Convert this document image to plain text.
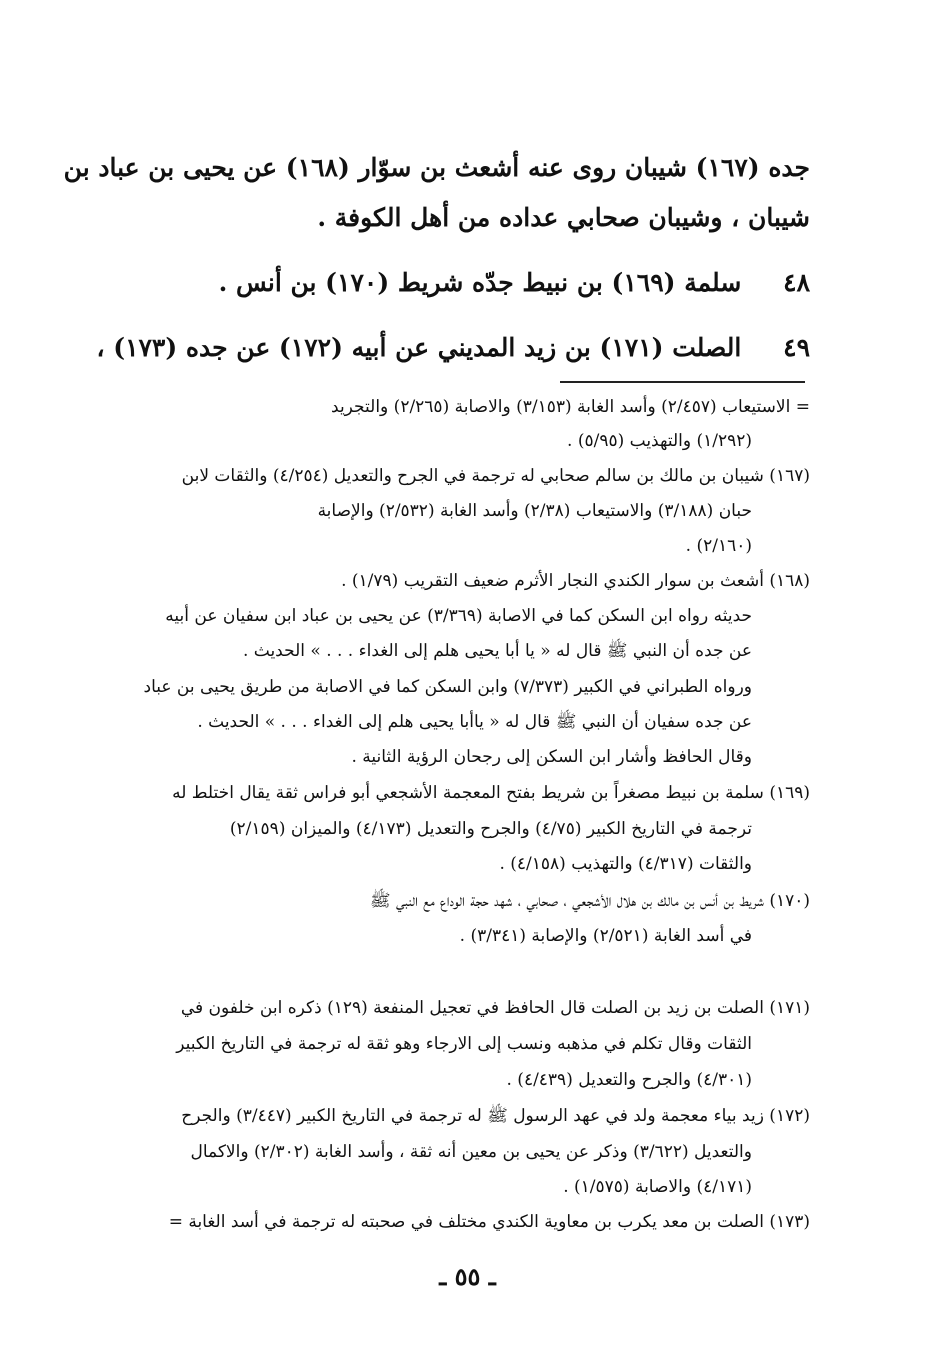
جده (١٦٧) شيبان روى عنه أشعث بن سوّار (١٦٨) عن يحيى بن عباد بن
شيبان ، وشيبان صحابي عداده من أهل الكوفة .
٤٨ سلمة (١٦٩) بن نبيط جدّه شريط (١٧٠) بن أنس .
٤٩ الصلت (١٧١) بن زيد المديني عن أبيه (١٧٢) عن جده (١٧٣) ،
= الاستيعاب (٢/٤٥٧) وأسد الغابة (٣/١٥٣) والاصابة (٢/٢٦٥) والتجريد
(١/٢٩٢) والتهذيب (٥/٩٥) .
(١٦٧) شيبان بن مالك بن سالم صحابي له ترجمة في الجرح والتعديل (٤/٢٥٤) والثقات لابن
حبان (٣/١٨٨) والاستيعاب (٢/٣٨) وأسد الغابة (٢/٥٣٢) والإصابة
(٢/١٦٠) .
(١٦٨) أشعث بن سوار الكندي النجار الأثرم ضعيف التقريب (١/٧٩) .
حديثه رواه ابن السكن كما في الاصابة (٣/٣٦٩) عن يحيى بن عباد ابن سفيان عن أبيه
عن جده أن النبي ﷺ قال له « يا أبا يحيى هلم إلى الغداء . . . » الحديث .
ورواه الطبراني في الكبير (٧/٣٧٣) وابن السكن كما في الاصابة من طريق يحيى بن عباد
عن جده سفيان أن النبي ﷺ قال له « ياأبا يحيى هلم إلى الغداء . . . » الحديث .
وقال الحافظ وأشار ابن السكن إلى رجحان الرؤية الثانية .
(١٦٩) سلمة بن نبيط مصغراً بن شريط بفتح المعجمة الأشجعي أبو فراس ثقة يقال اختلط له
ترجمة في التاريخ الكبير (٤/٧٥) والجرح والتعديل (٤/١٧٣) والميزان (٢/١٥٩)
والثقات (٤/٣١٧) والتهذيب (٤/١٥٨) .
(١٧٠) شريط بن أنس بن مالك بن هلال الأشجعي ، صحابي ، شهد حجة الوداع مع النبي ﷺ
في أسد الغابة (٢/٥٢١) والإصابة (٣/٣٤١) .
(١٧١) الصلت بن زيد بن الصلت قال الحافظ في تعجيل المنفعة (١٢٩) ذكره ابن خلفون في
الثقات وقال تكلم في مذهبه ونسب إلى الارجاء وهو ثقة له ترجمة في التاريخ الكبير
(٤/٣٠١) والجرح والتعديل (٤/٤٣٩) .
(١٧٢) زيد بياء معجمة ولد في عهد الرسول ﷺ له ترجمة في التاريخ الكبير (٣/٤٤٧) والجرح
والتعديل (٣/٦٢٢) وذكر عن يحيى بن معين أنه ثقة ، وأسد الغابة (٢/٣٠٢) والاكمال
(٤/١٧١) والاصابة (١/٥٧٥) .
(١٧٣) الصلت بن معد يكرب بن معاوية الكندي مختلف في صحبته له ترجمة في أسد الغابة =
ـ ٥٥ ـ
